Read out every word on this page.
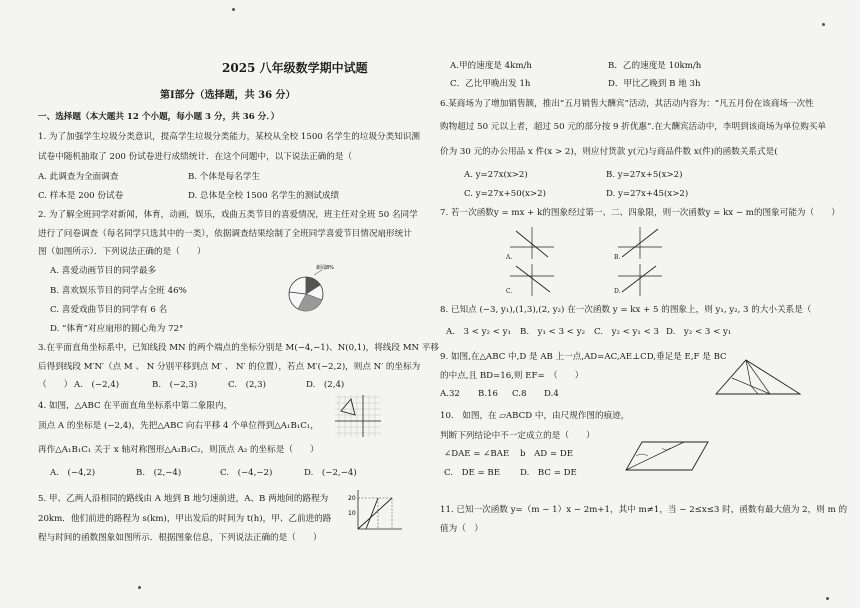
2025 八年级数学期中试题
第Ⅰ部分（选择题，共 36 分）
一、选择题（本大题共 12 个小题，每小题 3 分，共 36 分．）
1. 为了加强学生垃圾分类意识，提高学生垃圾分类能力，某校从全校 1500 名学生的垃圾分类知识测
试卷中随机抽取了 200 份试卷进行成绩统计．在这个问题中，以下说法正确的是（
A. 此调查为全面调查	B. 个体是每名学生
C. 样本是 200 份试卷	D. 总体是全校 1500 名学生的测试成绩
2. 为了解全班同学对新闻，体育，动画，娱乐，戏曲五类节目的喜爱情况，班主任对全班 50 名同学
进行了问卷调查（每名同学只选其中的一类），依据调查结果绘制了全班同学喜爱节目情况扇形统计
图（如图所示）．下列说法正确的是（　　）
A. 喜爱动画节目的同学最多
B. 喜欢娱乐节目的同学占全班 46%
C. 喜爱戏曲节目的同学有 6 名
D. “体育”对应扇形的圆心角为 72°
新闻8%
3.在平面直角坐标系中，已知线段 MN 的两个端点的坐标分别是 M(−4,−1)、N(0,1)，将线段 MN 平移
后得到线段 M′N′（点 M 、 N 分别平移到点 M′ 、 N′ 的位置），若点 M′(−2,2)，则点 N′ 的坐标为
（　　） A.　(−2,4)	B.　(−2,3)	C.　(2,3)	D.　(2,4)
4. 如图，△ABC 在平面直角坐标系中第二象限内，
顶点 A 的坐标是 (−2,4)，先把△ABC 向右平移 4 个单位得到△A₁B₁C₁，
再作△A₁B₁C₁ 关于 x 轴对称图形△A₂B₂C₂，则顶点 A₂ 的坐标是（　　）
A.　(−4,2)	B.　(2,−4)	C.　(−4,−2)	D.　(−2,−4)
5. 甲、乙两人沿相同的路线由 A 地到 B 地匀速前进，A、B 两地间的路程为
20km．他们前进的路程为 s(km)，甲出发后的时间为 t(h)，甲、乙前进的路
程与时间的函数图象如图所示．根据图象信息，下列说法正确的是（　　）
20
10
A.甲的速度是 4km/h	B．乙的速度是 10km/h
C．乙比甲晚出发 1h	D．甲比乙晚到 B 地 3h
6.某商场为了增加销售额，推出“五月销售大酬宾”活动，其活动内容为：“凡五月份在该商场一次性
购物超过 50 元以上者，超过 50 元的部分按 9 折优惠”.在大酬宾活动中，李明到该商场为单位购买单
价为 30 元的办公用品 x 件(x > 2)，则应付货款 y(元)与商品件数 x(件)的函数关系式是(
A. y=27x(x>2)	B. y=27x+5(x>2)
C. y=27x+50(x>2)	D. y=27x+45(x>2)
7. 若一次函数y = mx + k的图象经过第一、二、四象限，则一次函数y = kx − m的图象可能为（　　）
A.	B.
C.	D.
8. 已知点 (−3, y₁),(1,3),(2, y₂) 在一次函数 y = kx + 5 的图象上，则 y₁, y₂, 3 的大小关系是（
A.　3 < y₂ < y₁ B.　y₁ < 3 < y₂ C.　y₂ < y₁ < 3 D.　y₂ < 3 < y₁
9. 如图,在△ABC 中,D 是 AB 上一点,AD=AC,AE⊥CD,垂足是 E,F 是 BC
的中点,且 BD=16,则 EF=　（　　）
A.32 B.16 C.8 D.4
10.　如图，在 ▱ABCD 中，由尺规作图的痕迹，
判断下列结论中不一定成立的是（　　）
∠DAE = ∠BAE b　AD = DE
C.　DE = BE D.　BC = DE
11. 已知一次函数 y=（m − 1）x − 2m+1，其中 m≠1，当 − 2≤x≤3 时，函数有最大值为 2，则 m 的
值为（　）
